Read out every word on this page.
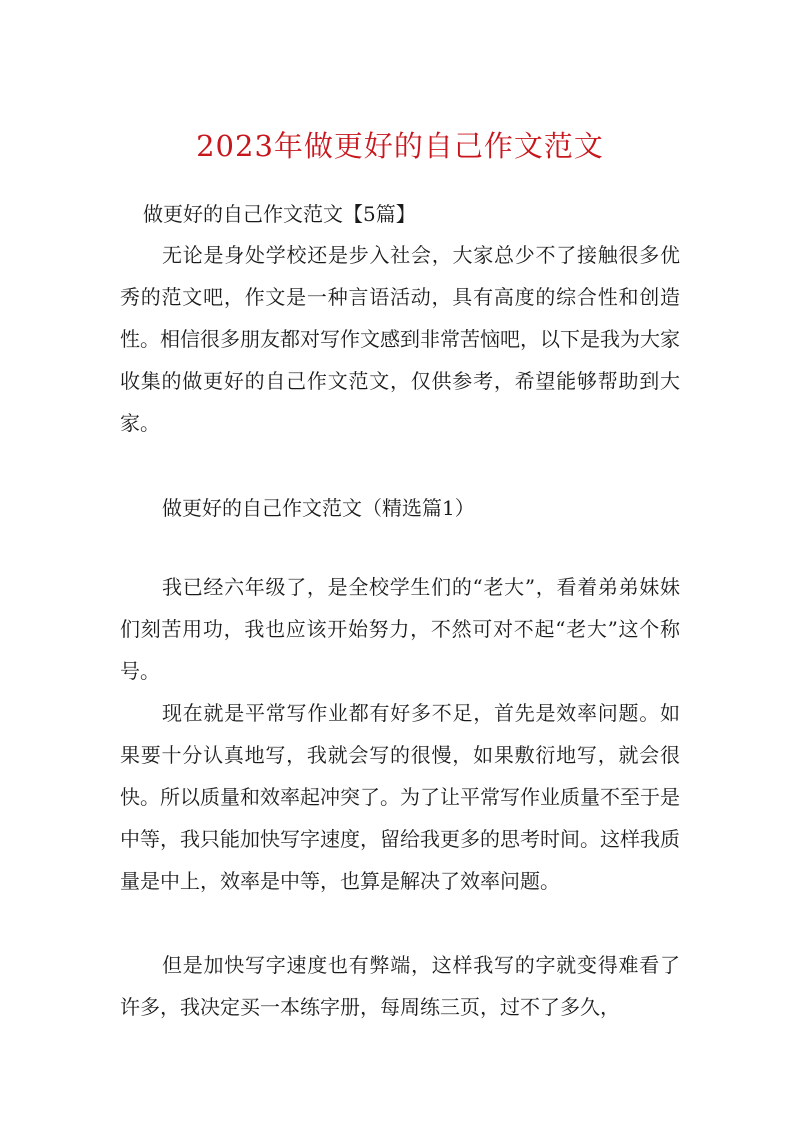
2023年做更好的自己作文范文
做更好的自己作文范文【5篇】

无论是身处学校还是步入社会，大家总少不了接触很多优秀的范文吧，作文是一种言语活动，具有高度的综合性和创造性。相信很多朋友都对写作文感到非常苦恼吧，以下是我为大家收集的做更好的自己作文范文，仅供参考，希望能够帮助到大家。

做更好的自己作文范文（精选篇1）

我已经六年级了，是全校学生们的“老大”，看着弟弟妹妹们刻苦用功，我也应该开始努力，不然可对不起“老大”这个称号。

现在就是平常写作业都有好多不足，首先是效率问题。如果要十分认真地写，我就会写的很慢，如果敷衍地写，就会很快。所以质量和效率起冲突了。为了让平常写作业质量不至于是中等，我只能加快写字速度，留给我更多的思考时间。这样我质量是中上，效率是中等，也算是解决了效率问题。

但是加快写字速度也有弊端，这样我写的字就变得难看了许多，我决定买一本练字册，每周练三页，过不了多久，
